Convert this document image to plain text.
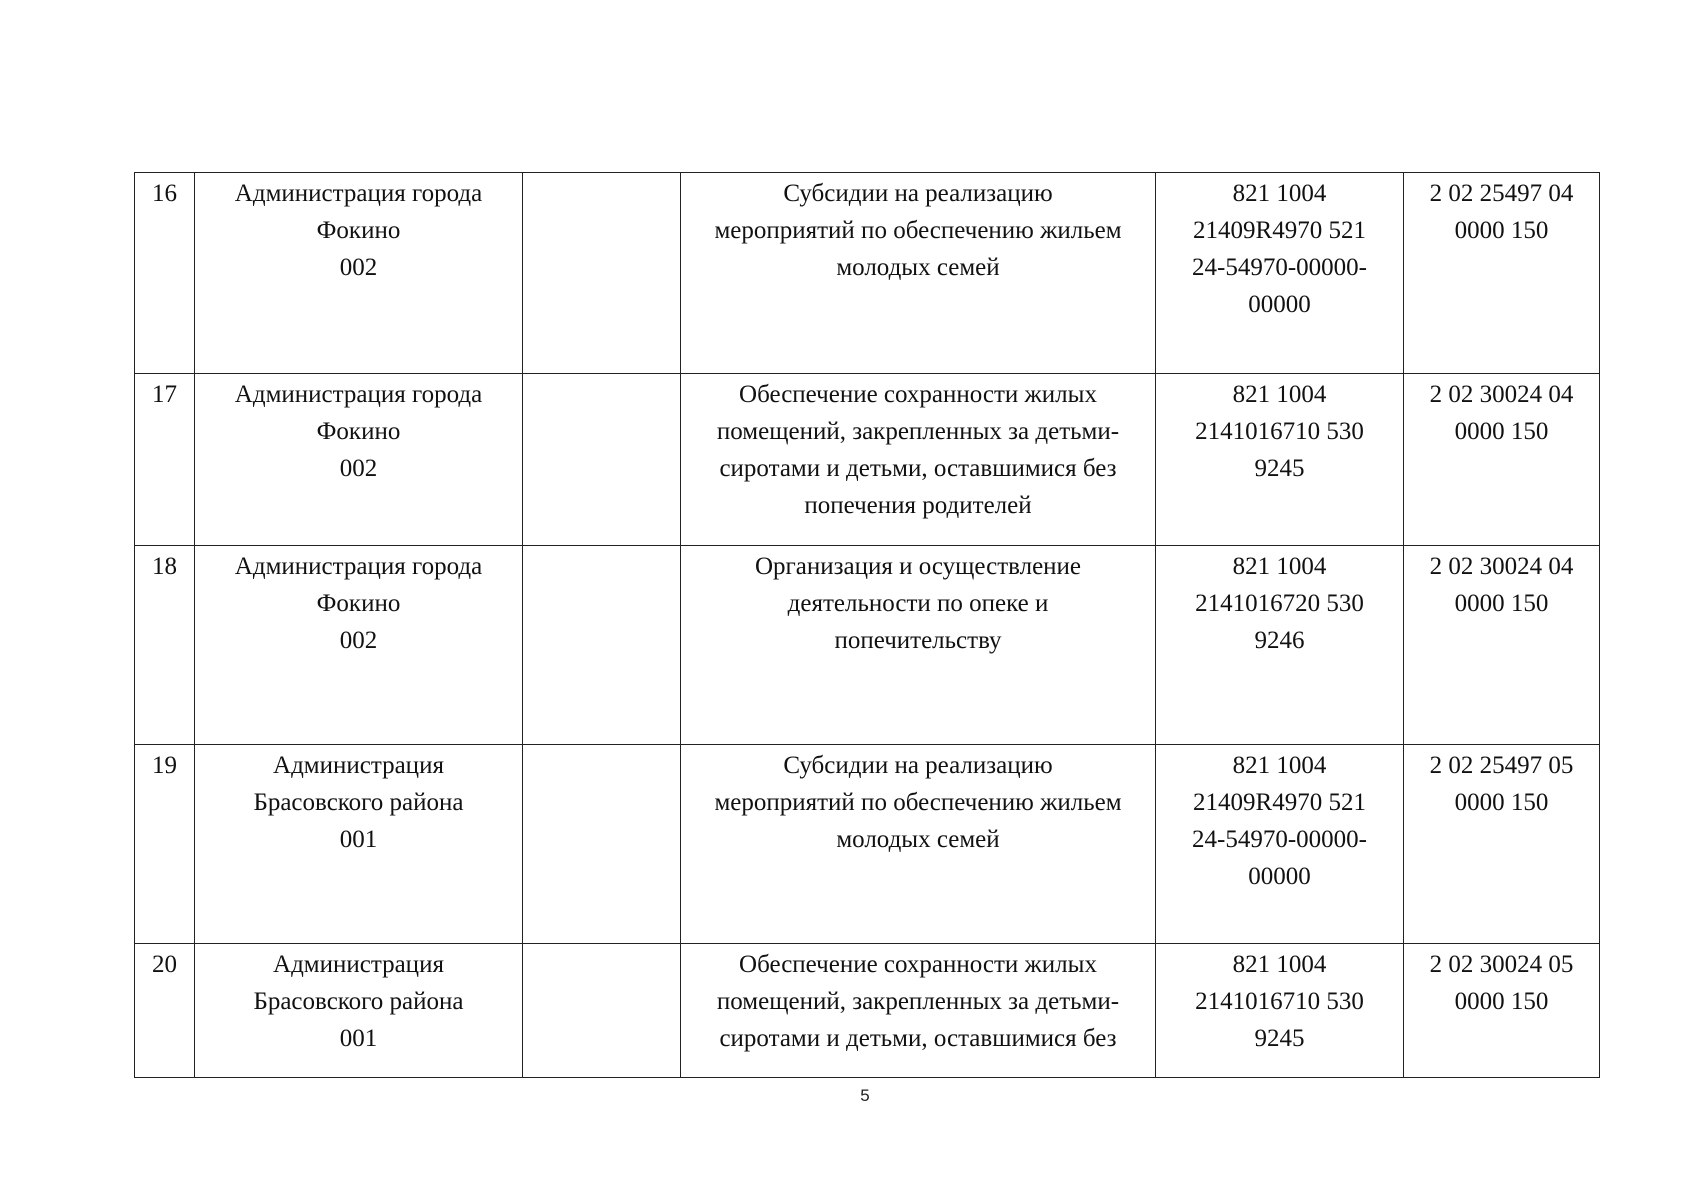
16	Администрация города
Фокино
002		Субсидии на реализацию
мероприятий по обеспечению жильем
молодых семей	821 1004
21409R4970 521
24-54970-00000-
00000	2 02 25497 04
0000 150

17	Администрация города
Фокино
002		Обеспечение сохранности жилых
помещений, закрепленных за детьми-
сиротами и детьми, оставшимися без
попечения родителей	821 1004
2141016710 530
9245	2 02 30024 04
0000 150

18	Администрация города
Фокино
002		Организация и осуществление
деятельности по опеке и
попечительству	821 1004
2141016720 530
9246	2 02 30024 04
0000 150

19	Администрация
Брасовского района
001		Субсидии на реализацию
мероприятий по обеспечению жильем
молодых семей	821 1004
21409R4970 521
24-54970-00000-
00000	2 02 25497 05
0000 150

20	Администрация
Брасовского района
001		Обеспечение сохранности жилых
помещений, закрепленных за детьми-
сиротами и детьми, оставшимися без	821 1004
2141016710 530
9245	2 02 30024 05
0000 150
5
